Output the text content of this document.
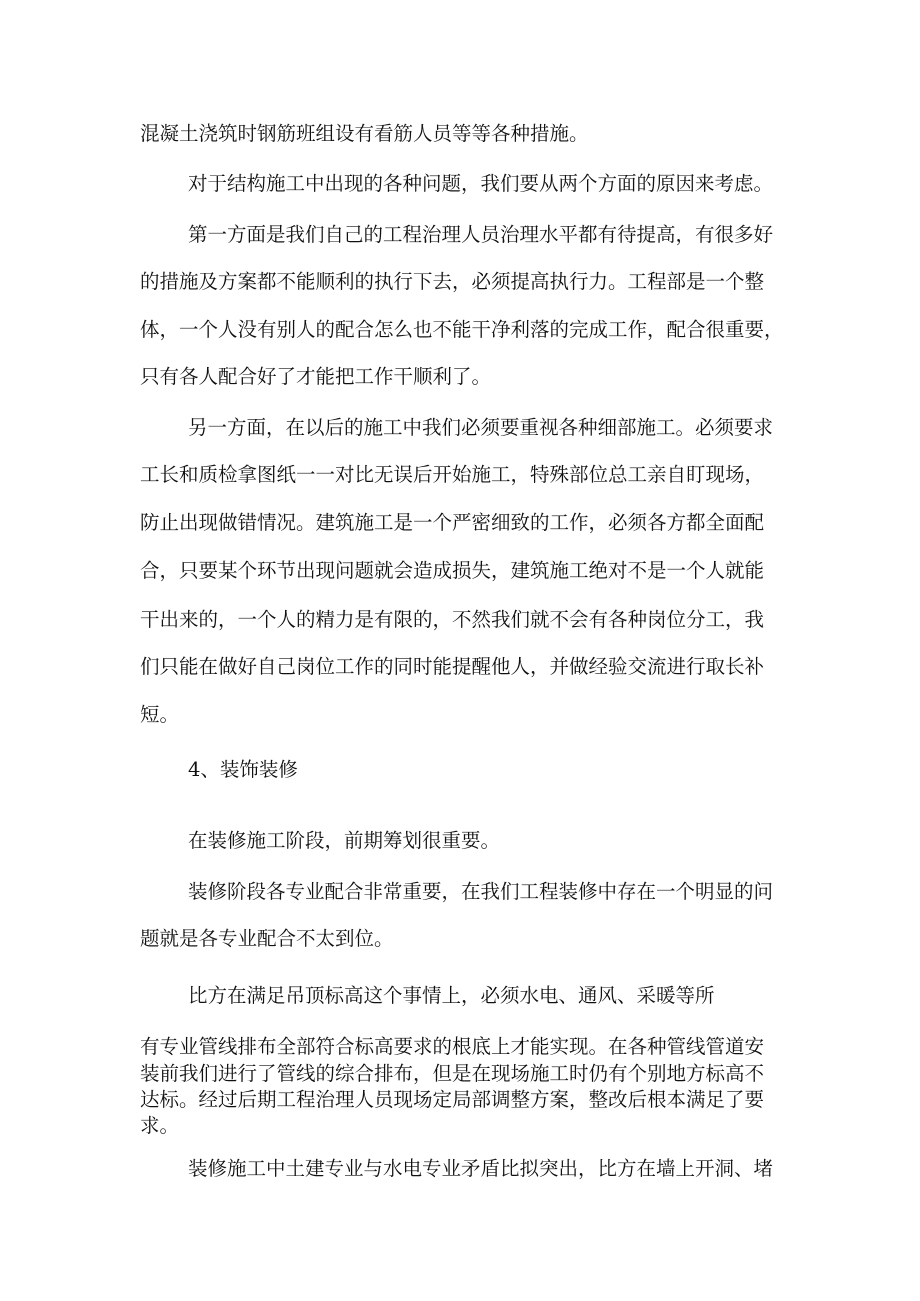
混凝土浇筑时钢筋班组设有看筋人员等等各种措施。
对于结构施工中出现的各种问题，我们要从两个方面的原因来考虑。
第一方面是我们自己的工程治理人员治理水平都有待提高，有很多好
的措施及方案都不能顺利的执行下去，必须提高执行力。工程部是一个整
体，一个人没有别人的配合怎么也不能干净利落的完成工作，配合很重要，
只有各人配合好了才能把工作干顺利了。
另一方面，在以后的施工中我们必须要重视各种细部施工。必须要求
工长和质检拿图纸一一对比无误后开始施工，特殊部位总工亲自盯现场，
防止出现做错情况。建筑施工是一个严密细致的工作，必须各方都全面配
合，只要某个环节出现问题就会造成损失，建筑施工绝对不是一个人就能
干出来的，一个人的精力是有限的，不然我们就不会有各种岗位分工，我
们只能在做好自己岗位工作的同时能提醒他人，并做经验交流进行取长补
短。
4、装饰装修
在装修施工阶段，前期筹划很重要。
装修阶段各专业配合非常重要，在我们工程装修中存在一个明显的问
题就是各专业配合不太到位。
比方在满足吊顶标高这个事情上，必须水电、通风、采暖等所
有专业管线排布全部符合标高要求的根底上才能实现。在各种管线管道安
装前我们进行了管线的综合排布，但是在现场施工时仍有个别地方标高不
达标。经过后期工程治理人员现场定局部调整方案，整改后根本满足了要
求。
装修施工中土建专业与水电专业矛盾比拟突出，比方在墙上开洞、堵
